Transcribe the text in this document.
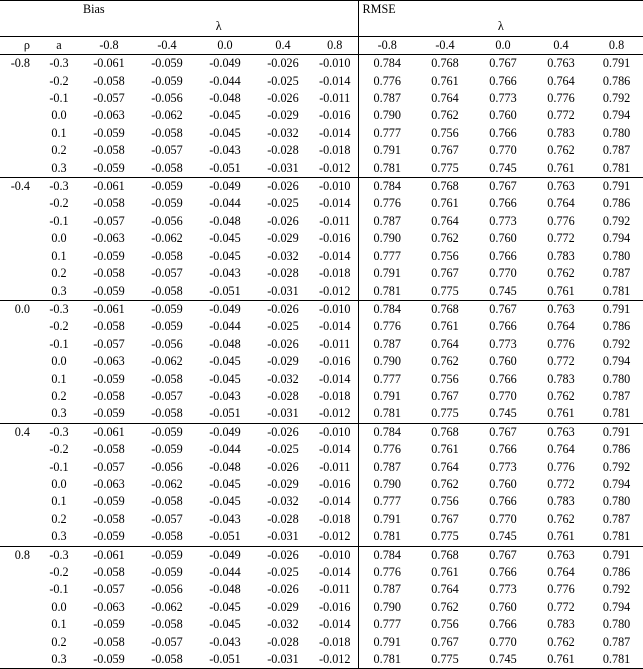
		Bias					RMSE				
		λ					λ				
ρ	a	-0.8	-0.4	0.0	0.4	0.8	-0.8	-0.4	0.0	0.4	0.8
-0.8	-0.3	-0.061	-0.059	-0.049	-0.026	-0.010	0.784	0.768	0.767	0.763	0.791
	-0.2	-0.058	-0.059	-0.044	-0.025	-0.014	0.776	0.761	0.766	0.764	0.786
	-0.1	-0.057	-0.056	-0.048	-0.026	-0.011	0.787	0.764	0.773	0.776	0.792
	0.0	-0.063	-0.062	-0.045	-0.029	-0.016	0.790	0.762	0.760	0.772	0.794
	0.1	-0.059	-0.058	-0.045	-0.032	-0.014	0.777	0.756	0.766	0.783	0.780
	0.2	-0.058	-0.057	-0.043	-0.028	-0.018	0.791	0.767	0.770	0.762	0.787
	0.3	-0.059	-0.058	-0.051	-0.031	-0.012	0.781	0.775	0.745	0.761	0.781
-0.4	-0.3	-0.061	-0.059	-0.049	-0.026	-0.010	0.784	0.768	0.767	0.763	0.791
	-0.2	-0.058	-0.059	-0.044	-0.025	-0.014	0.776	0.761	0.766	0.764	0.786
	-0.1	-0.057	-0.056	-0.048	-0.026	-0.011	0.787	0.764	0.773	0.776	0.792
	0.0	-0.063	-0.062	-0.045	-0.029	-0.016	0.790	0.762	0.760	0.772	0.794
	0.1	-0.059	-0.058	-0.045	-0.032	-0.014	0.777	0.756	0.766	0.783	0.780
	0.2	-0.058	-0.057	-0.043	-0.028	-0.018	0.791	0.767	0.770	0.762	0.787
	0.3	-0.059	-0.058	-0.051	-0.031	-0.012	0.781	0.775	0.745	0.761	0.781
0.0	-0.3	-0.061	-0.059	-0.049	-0.026	-0.010	0.784	0.768	0.767	0.763	0.791
	-0.2	-0.058	-0.059	-0.044	-0.025	-0.014	0.776	0.761	0.766	0.764	0.786
	-0.1	-0.057	-0.056	-0.048	-0.026	-0.011	0.787	0.764	0.773	0.776	0.792
	0.0	-0.063	-0.062	-0.045	-0.029	-0.016	0.790	0.762	0.760	0.772	0.794
	0.1	-0.059	-0.058	-0.045	-0.032	-0.014	0.777	0.756	0.766	0.783	0.780
	0.2	-0.058	-0.057	-0.043	-0.028	-0.018	0.791	0.767	0.770	0.762	0.787
	0.3	-0.059	-0.058	-0.051	-0.031	-0.012	0.781	0.775	0.745	0.761	0.781
0.4	-0.3	-0.061	-0.059	-0.049	-0.026	-0.010	0.784	0.768	0.767	0.763	0.791
	-0.2	-0.058	-0.059	-0.044	-0.025	-0.014	0.776	0.761	0.766	0.764	0.786
	-0.1	-0.057	-0.056	-0.048	-0.026	-0.011	0.787	0.764	0.773	0.776	0.792
	0.0	-0.063	-0.062	-0.045	-0.029	-0.016	0.790	0.762	0.760	0.772	0.794
	0.1	-0.059	-0.058	-0.045	-0.032	-0.014	0.777	0.756	0.766	0.783	0.780
	0.2	-0.058	-0.057	-0.043	-0.028	-0.018	0.791	0.767	0.770	0.762	0.787
	0.3	-0.059	-0.058	-0.051	-0.031	-0.012	0.781	0.775	0.745	0.761	0.781
0.8	-0.3	-0.061	-0.059	-0.049	-0.026	-0.010	0.784	0.768	0.767	0.763	0.791
	-0.2	-0.058	-0.059	-0.044	-0.025	-0.014	0.776	0.761	0.766	0.764	0.786
	-0.1	-0.057	-0.056	-0.048	-0.026	-0.011	0.787	0.764	0.773	0.776	0.792
	0.0	-0.063	-0.062	-0.045	-0.029	-0.016	0.790	0.762	0.760	0.772	0.794
	0.1	-0.059	-0.058	-0.045	-0.032	-0.014	0.777	0.756	0.766	0.783	0.780
	0.2	-0.058	-0.057	-0.043	-0.028	-0.018	0.791	0.767	0.770	0.762	0.787
	0.3	-0.059	-0.058	-0.051	-0.031	-0.012	0.781	0.775	0.745	0.761	0.781
